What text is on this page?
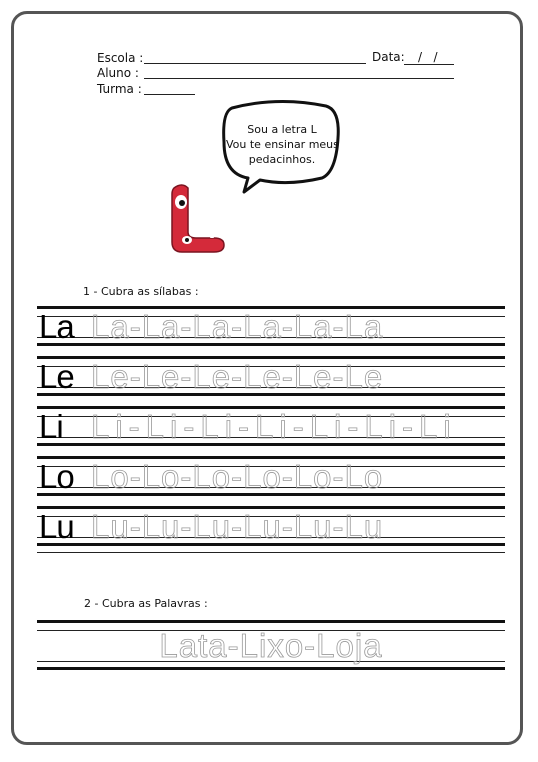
Escola :	Data: /   /
Aluno :
Turma :
Sou a letra L
Vou te ensinar meus
pedacinhos.
1 - Cubra as sílabas :
La La-La-La-La-La-La
Le Le-Le-Le-Le-Le-Le
Li Li-Li-Li-Li-Li-Li-Li
Lo Lo-Lo-Lo-Lo-Lo-Lo
Lu Lu-Lu-Lu-Lu-Lu-Lu
2 - Cubra as Palavras :
Lata-Lixo-Loja
